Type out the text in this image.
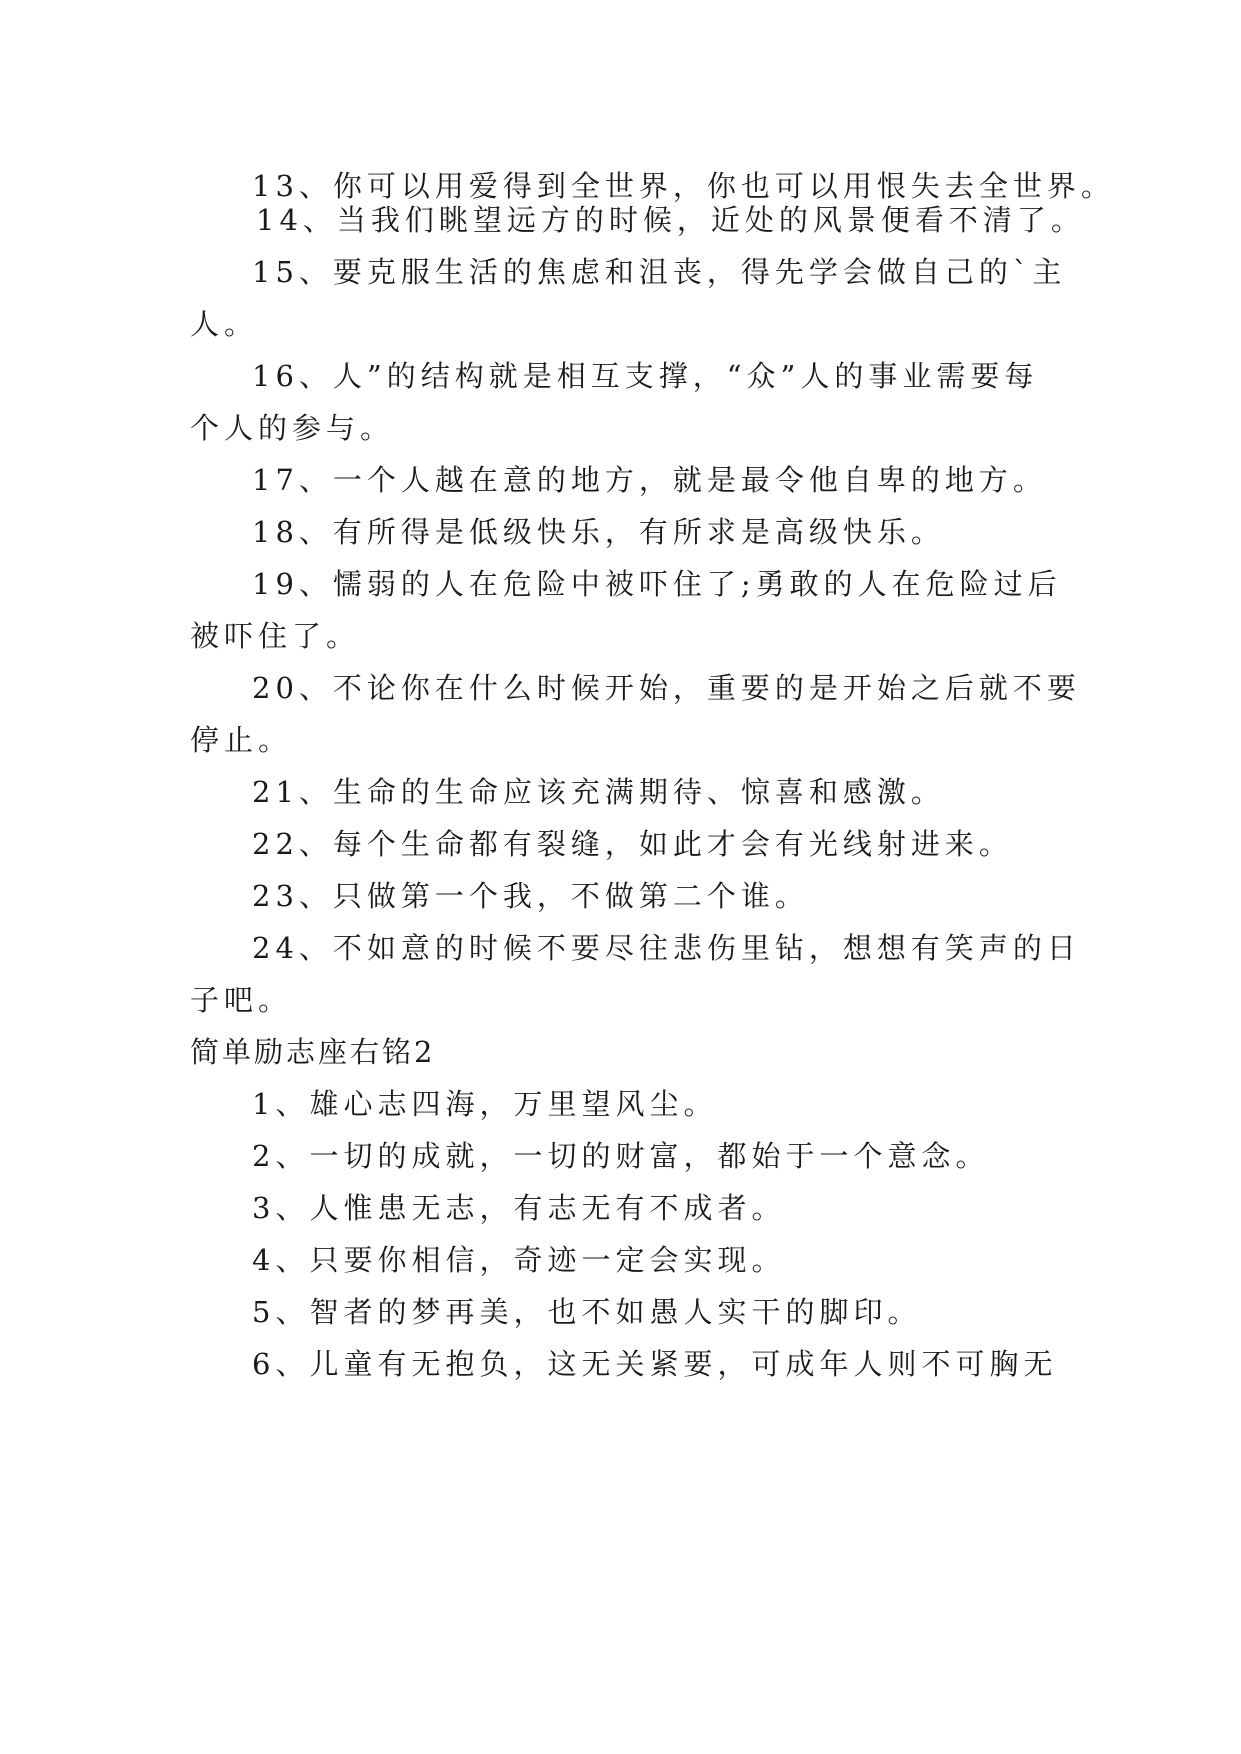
13、你可以用爱得到全世界，你也可以用恨失去全世界。
14、当我们眺望远方的时候，近处的风景便看不清了。
15、要克服生活的焦虑和沮丧，得先学会做自己的`主
人。
16、人”的结构就是相互支撑，“众”人的事业需要每
个人的参与。
17、一个人越在意的地方，就是最令他自卑的地方。
18、有所得是低级快乐，有所求是高级快乐。
19、懦弱的人在危险中被吓住了;勇敢的人在危险过后
被吓住了。
20、不论你在什么时候开始，重要的是开始之后就不要
停止。
21、生命的生命应该充满期待、惊喜和感激。
22、每个生命都有裂缝，如此才会有光线射进来。
23、只做第一个我，不做第二个谁。
24、不如意的时候不要尽往悲伤里钻，想想有笑声的日
子吧。
简单励志座右铭2
1、雄心志四海，万里望风尘。
2、一切的成就，一切的财富，都始于一个意念。
3、人惟患无志，有志无有不成者。
4、只要你相信，奇迹一定会实现。
5、智者的梦再美，也不如愚人实干的脚印。
6、儿童有无抱负，这无关紧要，可成年人则不可胸无
